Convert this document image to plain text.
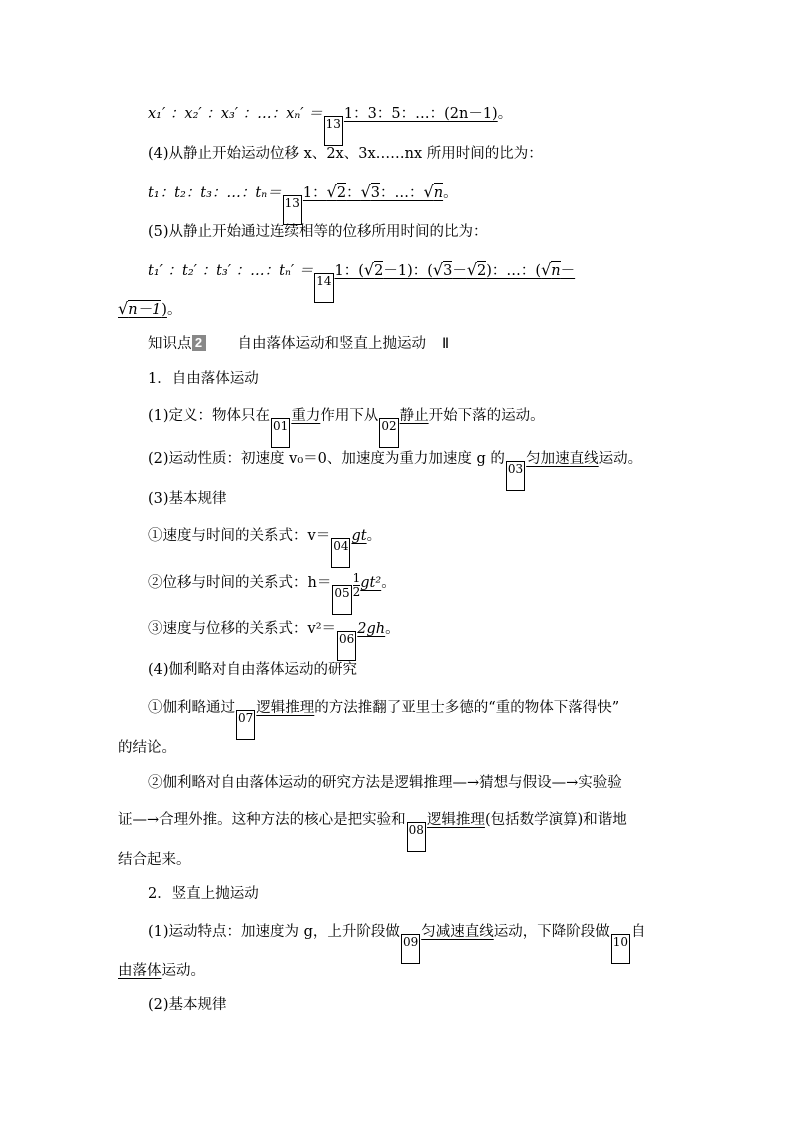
x₁′ ：x₂′ ：x₃′ ：…：xₙ′ ＝131：3：5：…：(2n－1)。
(4)从静止开始运动位移 x、2x、3x……nx 所用时间的比为：
t₁：t₂：t₃：…：tₙ＝131：√2：√3：…：√n。
(5)从静止开始通过连续相等的位移所用时间的比为：
t₁′ ：t₂′ ：t₃′ ：…：tₙ′ ＝141：(√2－1)：(√3－√2)：…：(√n－
√n－1)。
知识点 2 自由落体运动和竖直上抛运动 Ⅱ
1．自由落体运动
(1)定义：物体只在01重力作用下从02静止开始下落的运动。
(2)运动性质：初速度 v₀＝0、加速度为重力加速度 g 的03匀加速直线运动。
(3)基本规律
①速度与时间的关系式：v＝04gt。
②位移与时间的关系式：$h=05 \frac{1}{2} gt^2$。
③速度与位移的关系式：v²＝062gh。
(4)伽利略对自由落体运动的研究
①伽利略通过07逻辑推理的方法推翻了亚里士多德的“重的物体下落得快”
的结论。
②伽利略对自由落体运动的研究方法是逻辑推理—→猜想与假设—→实验验
证—→合理外推。这种方法的核心是把实验和08逻辑推理(包括数学演算)和谐地
结合起来。
2．竖直上抛运动
(1)运动特点：加速度为 g，上升阶段做09匀减速直线运动，下降阶段做10自
由落体运动。
(2)基本规律
